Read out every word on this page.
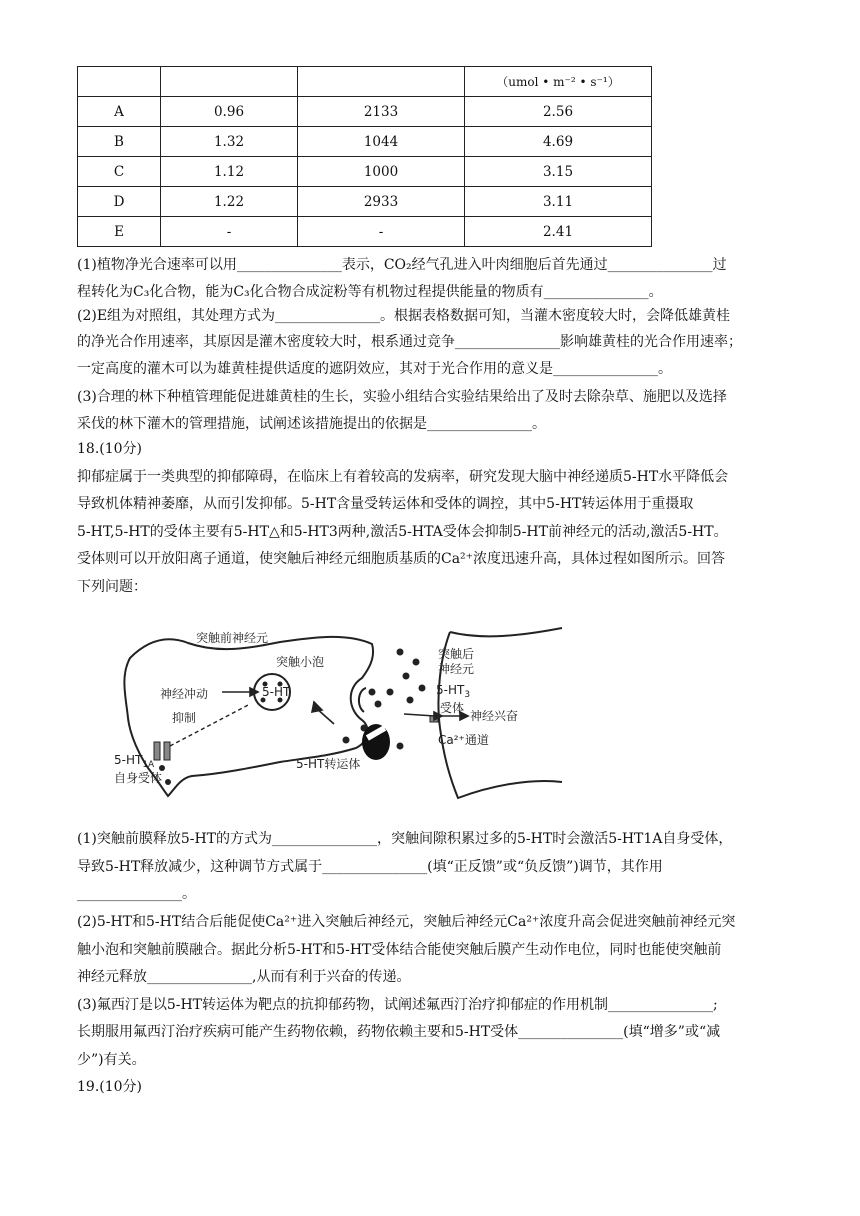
			（umol • m⁻² • s⁻¹）
A	0.96	2133	2.56
B	1.32	1044	4.69
C	1.12	1000	3.15
D	1.22	2933	3.11
E	-	-	2.41
(1)植物净光合速率可以用_______________表示，CO₂经气孔进入叶肉细胞后首先通过_______________过
程转化为C₃化合物，能为C₃化合物合成淀粉等有机物过程提供能量的物质有_______________。
(2)E组为对照组，其处理方式为_______________。根据表格数据可知，当灌木密度较大时，会降低雄黄桂
的净光合作用速率，其原因是灌木密度较大时，根系通过竞争_______________影响雄黄桂的光合作用速率；
一定高度的灌木可以为雄黄桂提供适度的遮阴效应，其对于光合作用的意义是_______________。
(3)合理的林下种植管理能促进雄黄桂的生长，实验小组结合实验结果给出了及时去除杂草、施肥以及选择
采伐的林下灌木的管理措施，试阐述该措施提出的依据是_______________。
18.(10分)
抑郁症属于一类典型的抑郁障碍，在临床上有着较高的发病率，研究发现大脑中神经递质5-HT水平降低会
导致机体精神萎靡，从而引发抑郁。5-HT含量受转运体和受体的调控，其中5-HT转运体用于重摄取
5-HT,5-HT的受体主要有5-HT△和5-HT3两种,激活5-HTA受体会抑制5-HT前神经元的活动,激活5-HT。
受体则可以开放阳离子通道，使突触后神经元细胞质基质的Ca²⁺浓度迅速升高，具体过程如图所示。回答
下列问题：
突触前神经元
突触小泡
5-HT
神经冲动
抑制
$5-HT_{1A}$
自身受体
5-HT转运体
突触后
神经元
$5-HT_3$
受体
神经兴奋
Ca²⁺通道
(1)突触前膜释放5-HT的方式为_______________，突触间隙积累过多的5-HT时会激活5-HT1A自身受体，
导致5-HT释放减少，这种调节方式属于_______________(填“正反馈”或“负反馈”)调节，其作用
_______________。
(2)5-HT和5-HT结合后能促使Ca²⁺进入突触后神经元，突触后神经元Ca²⁺浓度升高会促进突触前神经元突
触小泡和突触前膜融合。据此分析5-HT和5-HT受体结合能使突触后膜产生动作电位，同时也能使突触前
神经元释放_______________,从而有利于兴奋的传递。
(3)氟西汀是以5-HT转运体为靶点的抗抑郁药物，试阐述氟西汀治疗抑郁症的作用机制_______________;
长期服用氟西汀治疗疾病可能产生药物依赖，药物依赖主要和5-HT受体_______________(填“增多”或“减
少”)有关。
19.(10分)
